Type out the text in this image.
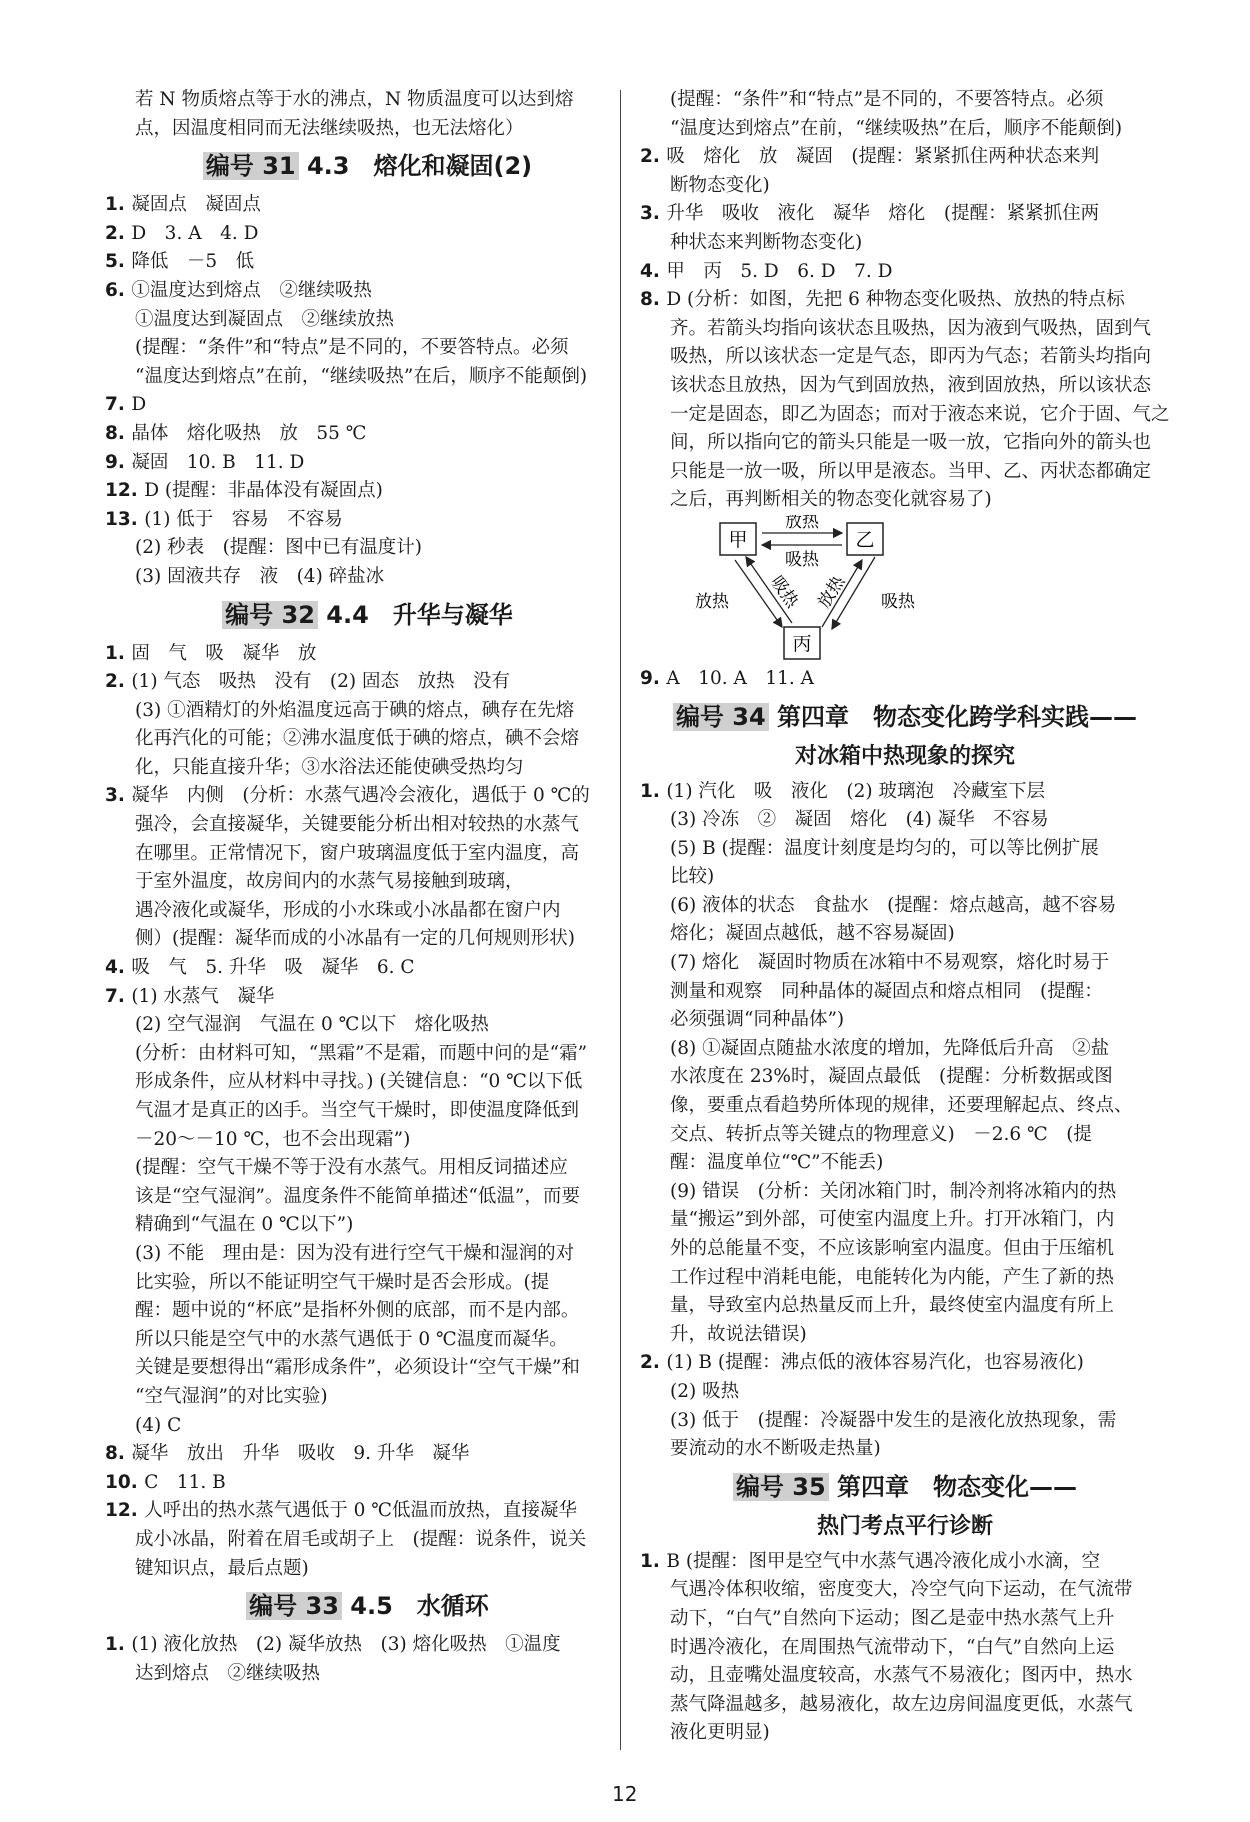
若 N 物质熔点等于水的沸点，N 物质温度可以达到熔

点，因温度相同而无法继续吸热，也无法熔化）

编号 31 4.3　熔化和凝固(2)

1. 凝固点　凝固点

2. D　3. A　4. D

5. 降低　－5　低

6. ①温度达到熔点　②继续吸热

①温度达到凝固点　②继续放热

(提醒：“条件”和“特点”是不同的，不要答特点。必须

“温度达到熔点”在前，“继续吸热”在后，顺序不能颠倒)

7. D

8. 晶体　熔化吸热　放　55 ℃

9. 凝固　10. B　11. D

12. D (提醒：非晶体没有凝固点)

13. (1) 低于　容易　不容易

(2) 秒表　(提醒：图中已有温度计)

(3) 固液共存　液　(4) 碎盐冰

编号 32 4.4　升华与凝华

1. 固　气　吸　凝华　放

2. (1) 气态　吸热　没有　(2) 固态　放热　没有

(3) ①酒精灯的外焰温度远高于碘的熔点，碘存在先熔

化再汽化的可能；②沸水温度低于碘的熔点，碘不会熔

化，只能直接升华；③水浴法还能使碘受热均匀

3. 凝华　内侧　(分析：水蒸气遇冷会液化，遇低于 0 ℃的

强冷，会直接凝华，关键要能分析出相对较热的水蒸气

在哪里。正常情况下，窗户玻璃温度低于室内温度，高

于室外温度，故房间内的水蒸气易接触到玻璃，

遇冷液化或凝华，形成的小水珠或小冰晶都在窗户内

侧）(提醒：凝华而成的小冰晶有一定的几何规则形状)

4. 吸　气　5. 升华　吸　凝华　6. C

7. (1) 水蒸气　凝华

(2) 空气湿润　气温在 0 ℃以下　熔化吸热

(分析：由材料可知，“黑霜”不是霜，而题中问的是“霜”

形成条件，应从材料中寻找。) (关键信息：“0 ℃以下低

气温才是真正的凶手。当空气干燥时，即使温度降低到

－20～－10 ℃，也不会出现霜”)

(提醒：空气干燥不等于没有水蒸气。用相反词描述应

该是“空气湿润”。温度条件不能简单描述“低温”，而要

精确到“气温在 0 ℃以下”)

(3) 不能　理由是：因为没有进行空气干燥和湿润的对

比实验，所以不能证明空气干燥时是否会形成。(提

醒：题中说的“杯底”是指杯外侧的底部，而不是内部。

所以只能是空气中的水蒸气遇低于 0 ℃温度而凝华。

关键是要想得出“霜形成条件”，必须设计“空气干燥”和

“空气湿润”的对比实验)

(4) C

8. 凝华　放出　升华　吸收　9. 升华　凝华

10. C　11. B

12. 人呼出的热水蒸气遇低于 0 ℃低温而放热，直接凝华

成小冰晶，附着在眉毛或胡子上　(提醒：说条件，说关

键知识点，最后点题)

编号 33 4.5　水循环

1. (1) 液化放热　(2) 凝华放热　(3) 熔化吸热　①温度

达到熔点　②继续吸热

(提醒：“条件”和“特点”是不同的，不要答特点。必须

“温度达到熔点”在前，“继续吸热”在后，顺序不能颠倒)

2. 吸　熔化　放　凝固　(提醒：紧紧抓住两种状态来判

断物态变化)

3. 升华　吸收　液化　凝华　熔化　(提醒：紧紧抓住两

种状态来判断物态变化)

4. 甲　丙　5. D　6. D　7. D

8. D (分析：如图，先把 6 种物态变化吸热、放热的特点标

齐。若箭头均指向该状态且吸热，因为液到气吸热，固到气

吸热，所以该状态一定是气态，即丙为气态；若箭头均指向

该状态且放热，因为气到固放热，液到固放热，所以该状态

一定是固态，即乙为固态；而对于液态来说，它介于固、气之

间，所以指向它的箭头只能是一吸一放，它指向外的箭头也

只能是一放一吸，所以甲是液态。当甲、乙、丙状态都确定

之后，再判断相关的物态变化就容易了)

甲	乙
丙
放热
吸热
放热 吸热 放热 吸热

9. A　10. A　11. A

编号 34 第四章　物态变化跨学科实践——
对冰箱中热现象的探究

1. (1) 汽化　吸　液化　(2) 玻璃泡　冷藏室下层

(3) 冷冻　②　凝固　熔化　(4) 凝华　不容易

(5) B (提醒：温度计刻度是均匀的，可以等比例扩展

比较)

(6) 液体的状态　食盐水　(提醒：熔点越高，越不容易

熔化；凝固点越低，越不容易凝固)

(7) 熔化　凝固时物质在冰箱中不易观察，熔化时易于

测量和观察　同种晶体的凝固点和熔点相同　(提醒：

必须强调“同种晶体”)

(8) ①凝固点随盐水浓度的增加，先降低后升高　②盐

水浓度在 23%时，凝固点最低　(提醒：分析数据或图

像，要重点看趋势所体现的规律，还要理解起点、终点、

交点、转折点等关键点的物理意义)　－2.6 ℃　(提

醒：温度单位“℃”不能丢)

(9) 错误　(分析：关闭冰箱门时，制冷剂将冰箱内的热

量“搬运”到外部，可使室内温度上升。打开冰箱门，内

外的总能量不变，不应该影响室内温度。但由于压缩机

工作过程中消耗电能，电能转化为内能，产生了新的热

量，导致室内总热量反而上升，最终使室内温度有所上

升，故说法错误)

2. (1) B (提醒：沸点低的液体容易汽化，也容易液化)

(2) 吸热

(3) 低于　(提醒：冷凝器中发生的是液化放热现象，需

要流动的水不断吸走热量)

编号 35 第四章　物态变化——
热门考点平行诊断

1. B (提醒：图甲是空气中水蒸气遇冷液化成小水滴，空

气遇冷体积收缩，密度变大，冷空气向下运动，在气流带

动下，“白气”自然向下运动；图乙是壶中热水蒸气上升

时遇冷液化，在周围热气流带动下，“白气”自然向上运

动，且壶嘴处温度较高，水蒸气不易液化；图丙中，热水

蒸气降温越多，越易液化，故左边房间温度更低，水蒸气

液化更明显)

12
